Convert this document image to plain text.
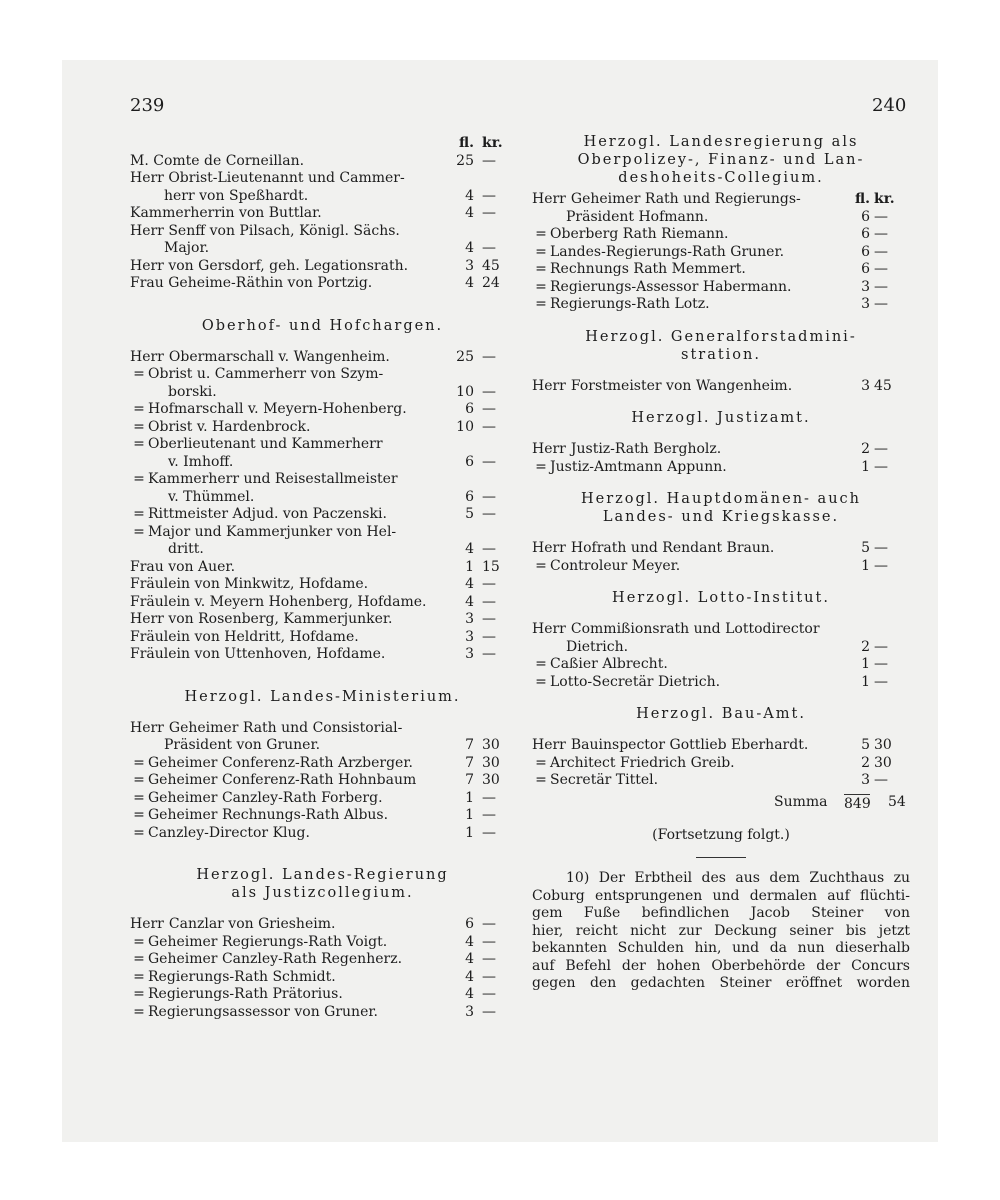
239	240
fl. kr.
M. Comte de Corneillan.	25 —
Herr Obrist-Lieutenannt und Cammer-
herr von Speßhardt.	4 —
Kammerherrin von Buttlar.	4 —
Herr Senff von Pilsach, Königl. Sächs.
Major.	4 —
Herr von Gersdorf, geh. Legationsrath.	3 45
Frau Geheime-Räthin von Portzig.	4 24
Oberhof- und Hofchargen.
Herr Obermarschall v. Wangenheim.	25 —
= Obrist u. Cammerherr von Szym-
borski.	10 —
= Hofmarschall v. Meyern-Hohenberg.	6 —
= Obrist v. Hardenbrock.	10 —
= Oberlieutenant und Kammerherr
v. Imhoff.	6 —
= Kammerherr und Reisestallmeister
v. Thümmel.	6 —
= Rittmeister Adjud. von Paczenski.	5 —
= Major und Kammerjunker von Hel-
dritt.	4 —
Frau von Auer.	1 15
Fräulein von Minkwitz, Hofdame.	4 —
Fräulein v. Meyern Hohenberg, Hofdame.	4 —
Herr von Rosenberg, Kammerjunker.	3 —
Fräulein von Heldritt, Hofdame.	3 —
Fräulein von Uttenhoven, Hofdame.	3 —
Herzogl. Landes-Ministerium.
Herr Geheimer Rath und Consistorial-
Präsident von Gruner.	7 30
= Geheimer Conferenz-Rath Arzberger.	7 30
= Geheimer Conferenz-Rath Hohnbaum	7 30
= Geheimer Canzley-Rath Forberg.	1 —
= Geheimer Rechnungs-Rath Albus.	1 —
= Canzley-Director Klug.	1 —
Herzogl. Landes-Regierung
als Justizcollegium.
Herr Canzlar von Griesheim.	6 —
= Geheimer Regierungs-Rath Voigt.	4 —
= Geheimer Canzley-Rath Regenherz.	4 —
= Regierungs-Rath Schmidt.	4 —
= Regierungs-Rath Prätorius.	4 —
= Regierungsassessor von Gruner.	3 —
Herzogl. Landesregierung als
Oberpolizey-, Finanz- und Lan-
deshoheits-Collegium.
fl. kr.
Herr Geheimer Rath und Regierungs-
Präsident Hofmann.	6 —
= Oberberg Rath Riemann.	6 —
= Landes-Regierungs-Rath Gruner.	6 —
= Rechnungs Rath Memmert.	6 —
= Regierungs-Assessor Habermann.	3 —
= Regierungs-Rath Lotz.	3 —
Herzogl. Generalforstadmini-
stration.
Herr Forstmeister von Wangenheim.	3 45
Herzogl. Justizamt.
Herr Justiz-Rath Bergholz.	2 —
= Justiz-Amtmann Appunn.	1 —
Herzogl. Hauptdomänen- auch
Landes- und Kriegskasse.
Herr Hofrath und Rendant Braun.	5 —
= Controleur Meyer.	1 —
Herzogl. Lotto-Institut.
Herr Commißionsrath und Lottodirector
Dietrich.	2 —
= Caßier Albrecht.	1 —
= Lotto-Secretär Dietrich.	1 —
Herzogl. Bau-Amt.
Herr Bauinspector Gottlieb Eberhardt.	5 30
= Architect Friedrich Greib.	2 30
= Secretär Tittel.	3 —
Summa 849 54
(Fortsetzung folgt.)
10) Der Erbtheil des aus dem Zuchthaus zu
Coburg entsprungenen und dermalen auf flüchti-
gem Fuße befindlichen Jacob Steiner von
hier, reicht nicht zur Deckung seiner bis jetzt
bekannten Schulden hin, und da nun dieserhalb
auf Befehl der hohen Oberbehörde der Concurs
gegen den gedachten Steiner eröffnet worden
